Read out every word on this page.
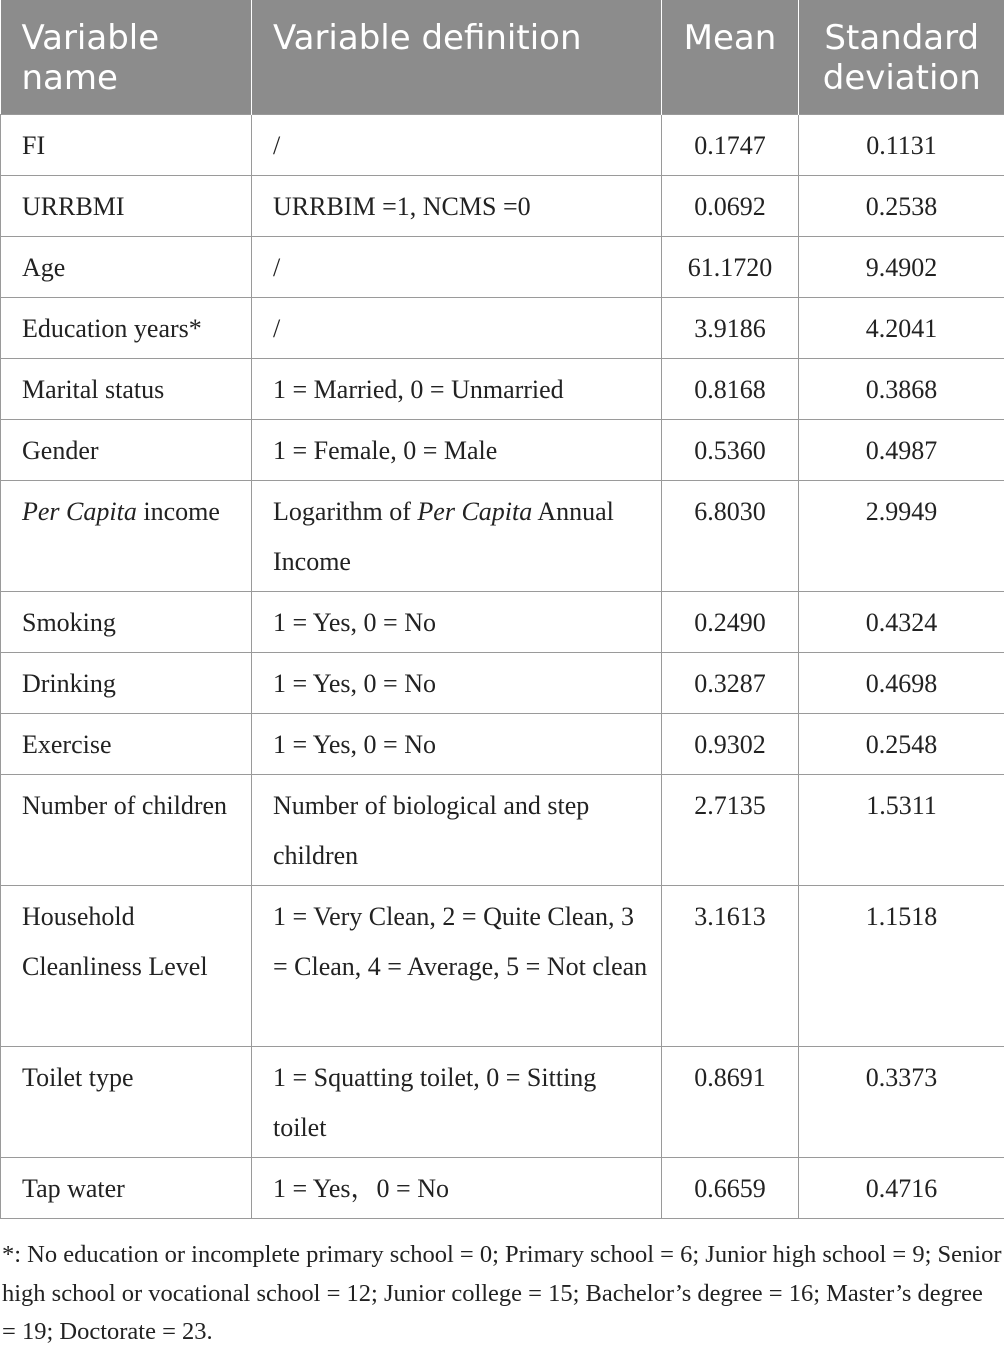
Variable name	Variable definition	Mean	Standard deviation
FI	/	0.1747	0.1131
URRBMI	URRBIM =1, NCMS =0	0.0692	0.2538
Age	/	61.1720	9.4902
Education years*	/	3.9186	4.2041
Marital status	1 = Married, 0 = Unmarried	0.8168	0.3868
Gender	1 = Female, 0 = Male	0.5360	0.4987
Per Capita income	Logarithm of Per Capita Annual Income	6.8030	2.9949
Smoking	1 = Yes, 0 = No	0.2490	0.4324
Drinking	1 = Yes, 0 = No	0.3287	0.4698
Exercise	1 = Yes, 0 = No	0.9302	0.2548
Number of children	Number of biological and step children	2.7135	1.5311
Household Cleanliness Level	1 = Very Clean, 2 = Quite Clean, 3 = Clean, 4 = Average, 5 = Not clean	3.1613	1.1518
Toilet type	1 = Squatting toilet, 0 = Sitting toilet	0.8691	0.3373
Tap water	1 = Yes，0 = No	0.6659	0.4716

*: No education or incomplete primary school = 0; Primary school = 6; Junior high school = 9; Senior high school or vocational school = 12; Junior college = 15; Bachelor’s degree = 16; Master’s degree = 19; Doctorate = 23.
